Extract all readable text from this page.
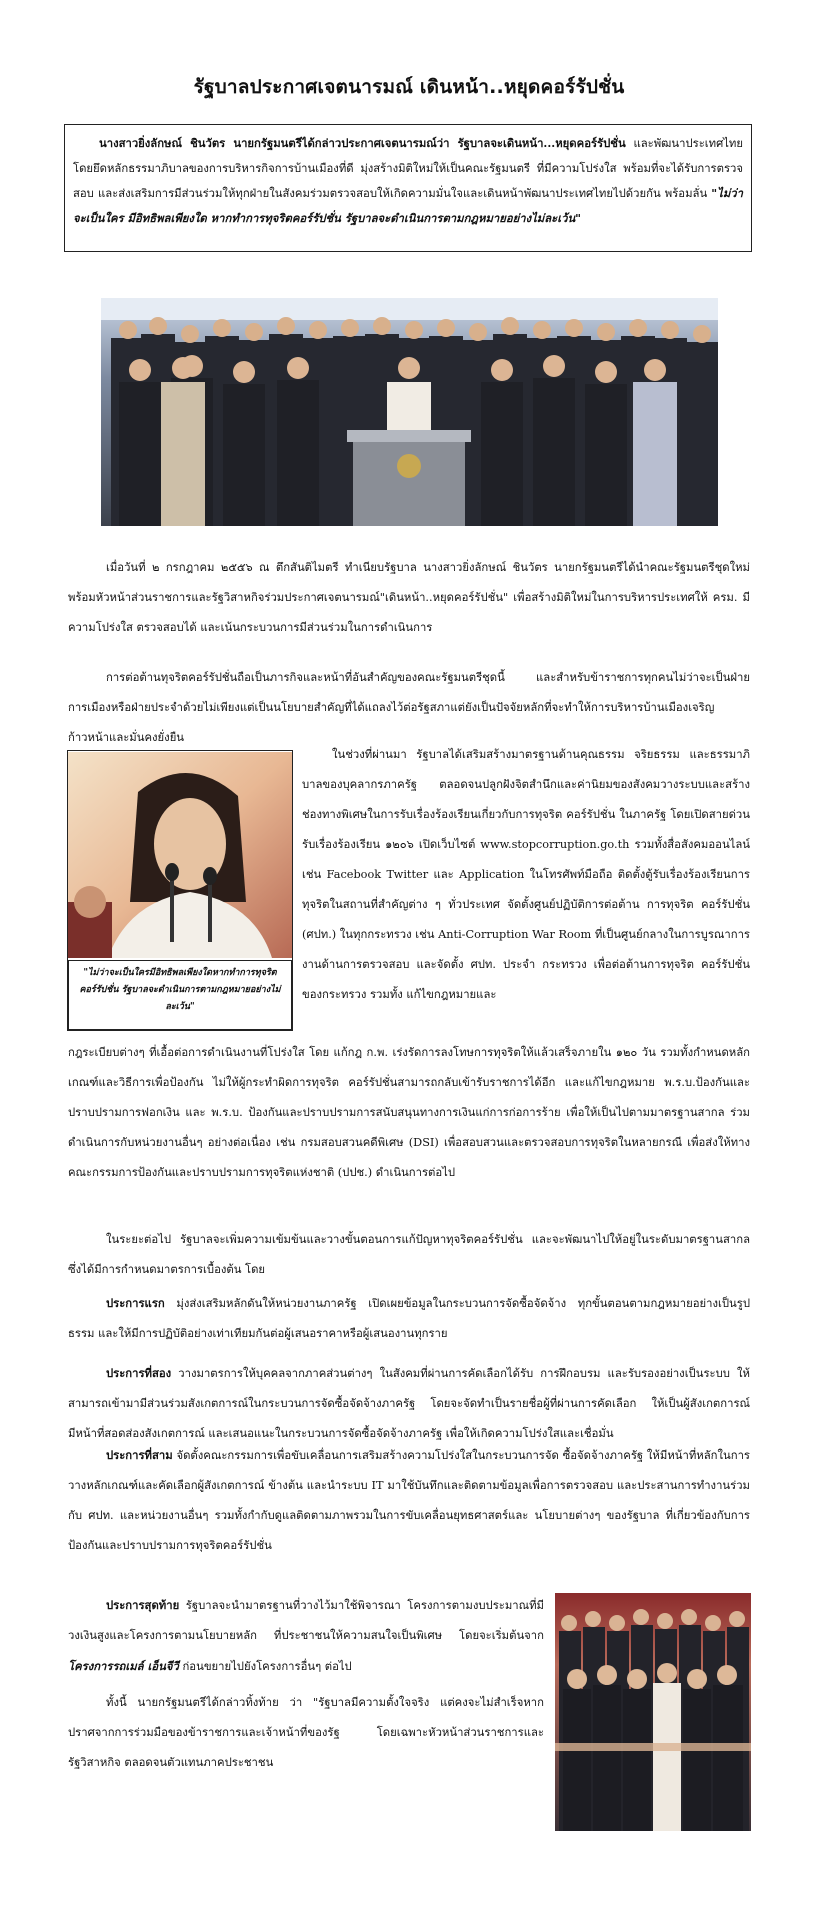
รัฐบาลประกาศเจตนารมณ์ เดินหน้า..หยุดคอร์รัปชั่น
นางสาวยิ่งลักษณ์ ชินวัตร นายกรัฐมนตรีได้กล่าวประกาศเจตนารมณ์ว่า รัฐบาลจะเดินหน้า...หยุดคอร์รัปชั่น และพัฒนาประเทศไทย โดยยึดหลักธรรมาภิบาลของการบริหารกิจการบ้านเมืองที่ดี มุ่งสร้างมิติใหม่ให้เป็นคณะรัฐมนตรี ที่มีความโปร่งใส พร้อมที่จะได้รับการตรวจสอบ และส่งเสริมการมีส่วนร่วมให้ทุกฝ่ายในสังคมร่วมตรวจสอบให้เกิดความมั่นใจและเดินหน้าพัฒนาประเทศไทยไปด้วยกัน พร้อมลั่น "ไม่ว่าจะเป็นใคร มีอิทธิพลเพียงใด หากทำการทุจริตคอร์รัปชั่น รัฐบาลจะดำเนินการตามกฎหมายอย่างไม่ละเว้น"

เมื่อวันที่ ๒ กรกฎาคม ๒๕๕๖ ณ ตึกสันติไมตรี ทำเนียบรัฐบาล นางสาวยิ่งลักษณ์ ชินวัตร นายกรัฐมนตรีได้นำคณะรัฐมนตรีชุดใหม่ พร้อมหัวหน้าส่วนราชการและรัฐวิสาหกิจร่วมประกาศเจตนารมณ์"เดินหน้า..หยุดคอร์รัปชั่น" เพื่อสร้างมิติใหม่ในการบริหารประเทศให้ ครม. มีความโปร่งใส ตรวจสอบได้ และเน้นกระบวนการมีส่วนร่วมในการดำเนินการ

การต่อต้านทุจริตคอร์รัปชั่นถือเป็นภารกิจและหน้าที่อันสำคัญของคณะรัฐมนตรีชุดนี้ และสำหรับข้าราชการทุกคนไม่ว่าจะเป็นฝ่ายการเมืองหรือฝ่ายประจำด้วยไม่เพียงแต่เป็นนโยบายสำคัญที่ได้แถลงไว้ต่อรัฐสภาแต่ยังเป็นปัจจัยหลักที่จะทำให้การบริหารบ้านเมืองเจริญก้าวหน้าและมั่นคงยั่งยืน

"ไม่ว่าจะเป็นใครมีอิทธิพลเพียงใดหากทำการทุจริตคอร์รัปชั่น รัฐบาลจะดำเนินการตามกฎหมายอย่างไม่ละเว้น"

ในช่วงที่ผ่านมา รัฐบาลได้เสริมสร้างมาตรฐานด้านคุณธรรม จริยธรรม และธรรมาภิบาลของบุคลากรภาครัฐ ตลอดจนปลูกฝังจิตสำนึกและค่านิยมของสังคมวางระบบและสร้างช่องทางพิเศษในการรับเรื่องร้องเรียนเกี่ยวกับการทุจริต คอร์รัปชั่น ในภาครัฐ โดยเปิดสายด่วนรับเรื่องร้องเรียน ๑๒๐๖ เปิดเว็บไซต์ www.stopcorruption.go.th รวมทั้งสื่อสังคมออนไลน์ เช่น Facebook Twitter และ Application ในโทรศัพท์มือถือ ติดตั้งตู้รับเรื่องร้องเรียนการทุจริตในสถานที่สำคัญต่าง ๆ ทั่วประเทศ จัดตั้งศูนย์ปฏิบัติการต่อต้าน การทุจริต คอร์รัปชั่น (ศปท.) ในทุกกระทรวง เช่น Anti-Corruption War Room ที่เป็นศูนย์กลางในการบูรณาการงานด้านการตรวจสอบ และจัดตั้ง ศปท. ประจำ กระทรวง เพื่อต่อต้านการทุจริต คอร์รัปชั่น ของกระทรวง รวมทั้ง แก้ไขกฎหมายและ

กฎระเบียบต่างๆ ที่เอื้อต่อการดำเนินงานที่โปร่งใส โดย แก้กฎ ก.พ. เร่งรัดการลงโทษการทุจริตให้แล้วเสร็จภายใน ๑๒๐ วัน รวมทั้งกำหนดหลักเกณฑ์และวิธีการเพื่อป้องกัน ไม่ให้ผู้กระทำผิดการทุจริต คอร์รัปชั่นสามารถกลับเข้ารับราชการได้อีก และแก้ไขกฎหมาย พ.ร.บ.ป้องกันและปราบปรามการฟอกเงิน และ พ.ร.บ. ป้องกันและปราบปรามการสนับสนุนทางการเงินแก่การก่อการร้าย เพื่อให้เป็นไปตามมาตรฐานสากล ร่วมดำเนินการกับหน่วยงานอื่นๆ อย่างต่อเนื่อง เช่น กรมสอบสวนคดีพิเศษ (DSI) เพื่อสอบสวนและตรวจสอบการทุจริตในหลายกรณี เพื่อส่งให้ทางคณะกรรมการป้องกันและปราบปรามการทุจริตแห่งชาติ (ปปช.) ดำเนินการต่อไป

ในระยะต่อไป รัฐบาลจะเพิ่มความเข้มข้นและวางขั้นตอนการแก้ปัญหาทุจริตคอร์รัปชั่น และจะพัฒนาไปให้อยู่ในระดับมาตรฐานสากล ซึ่งได้มีการกำหนดมาตรการเบื้องต้น โดย

ประการแรก มุ่งส่งเสริมหลักดันให้หน่วยงานภาครัฐ เปิดเผยข้อมูลในกระบวนการจัดซื้อจัดจ้าง ทุกขั้นตอนตามกฎหมายอย่างเป็นรูปธรรม และให้มีการปฏิบัติอย่างเท่าเทียมกันต่อผู้เสนอราคาหรือผู้เสนองานทุกราย

ประการที่สอง วางมาตรการให้บุคคลจากภาคส่วนต่างๆ ในสังคมที่ผ่านการคัดเลือกได้รับ การฝึกอบรม และรับรองอย่างเป็นระบบ ให้สามารถเข้ามามีส่วนร่วมสังเกตการณ์ในกระบวนการจัดซื้อจัดจ้างภาครัฐ โดยจะจัดทำเป็นรายชื่อผู้ที่ผ่านการคัดเลือก ให้เป็นผู้สังเกตการณ์ มีหน้าที่สอดส่องสังเกตการณ์ และเสนอแนะในกระบวนการจัดซื้อจัดจ้างภาครัฐ เพื่อให้เกิดความโปร่งใสและเชื่อมั่น

ประการที่สาม จัดตั้งคณะกรรมการเพื่อขับเคลื่อนการเสริมสร้างความโปร่งใสในกระบวนการจัด ซื้อจัดจ้างภาครัฐ ให้มีหน้าที่หลักในการ วางหลักเกณฑ์และคัดเลือกผู้สังเกตการณ์ ข้างต้น และนำระบบ IT มาใช้บันทึกและติดตามข้อมูลเพื่อการตรวจสอบ และประสานการทำงานร่วมกับ ศปท. และหน่วยงานอื่นๆ รวมทั้งกำกับดูแลติดตามภาพรวมในการขับเคลื่อนยุทธศาสตร์และ นโยบายต่างๆ ของรัฐบาล ที่เกี่ยวข้องกับการป้องกันและปราบปรามการทุจริตคอร์รัปชั่น

ประการสุดท้าย รัฐบาลจะนำมาตรฐานที่วางไว้มาใช้พิจารณา โครงการตามงบประมาณที่มีวงเงินสูงและโครงการตามนโยบายหลัก ที่ประชาชนให้ความสนใจเป็นพิเศษ โดยจะเริ่มต้นจาก โครงการรถเมล์ เอ็นจีวี ก่อนขยายไปยังโครงการอื่นๆ ต่อไป

ทั้งนี้ นายกรัฐมนตรีได้กล่าวทิ้งท้าย ว่า "รัฐบาลมีความตั้งใจจริง แต่คงจะไม่สำเร็จหากปราศจากการร่วมมือของข้าราชการและเจ้าหน้าที่ของรัฐ โดยเฉพาะหัวหน้าส่วนราชการและรัฐวิสาหกิจ ตลอดจนตัวแทนภาคประชาชน
